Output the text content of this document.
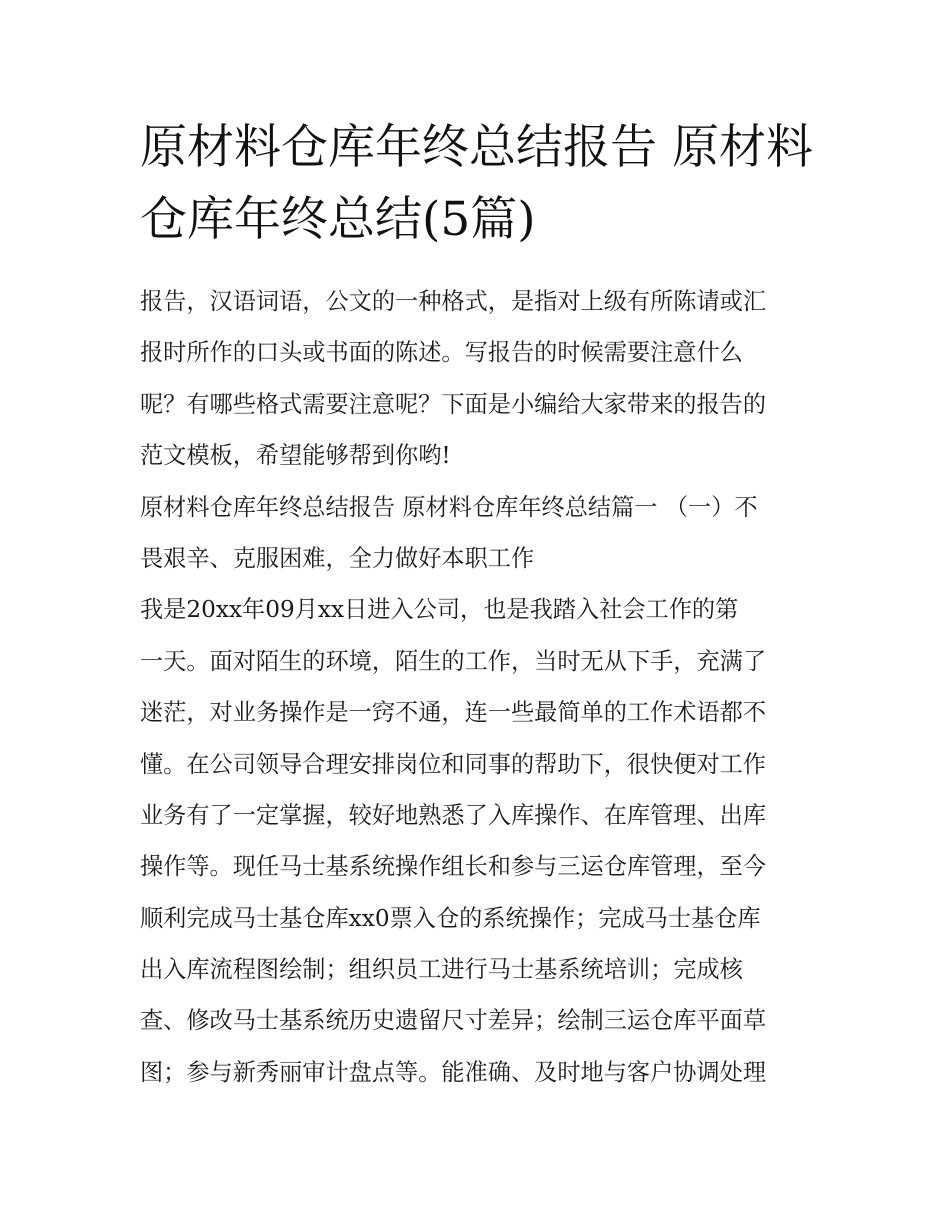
原材料仓库年终总结报告 原材料仓库年终总结(5篇)
报告，汉语词语，公文的一种格式，是指对上级有所陈请或汇
报时所作的口头或书面的陈述。写报告的时候需要注意什么
呢？有哪些格式需要注意呢？下面是小编给大家带来的报告的
范文模板，希望能够帮到你哟!
原材料仓库年终总结报告 原材料仓库年终总结篇一 （一）不
畏艰辛、克服困难，全力做好本职工作
我是20xx年09月xx日进入公司，也是我踏入社会工作的第
一天。面对陌生的环境，陌生的工作，当时无从下手，充满了
迷茫，对业务操作是一窍不通，连一些最简单的工作术语都不
懂。在公司领导合理安排岗位和同事的帮助下，很快便对工作
业务有了一定掌握，较好地熟悉了入库操作、在库管理、出库
操作等。现任马士基系统操作组长和参与三运仓库管理，至今
顺利完成马士基仓库xx0票入仓的系统操作；完成马士基仓库
出入库流程图绘制；组织员工进行马士基系统培训；完成核
查、修改马士基系统历史遗留尺寸差异；绘制三运仓库平面草
图；参与新秀丽审计盘点等。能准确、及时地与客户协调处理
